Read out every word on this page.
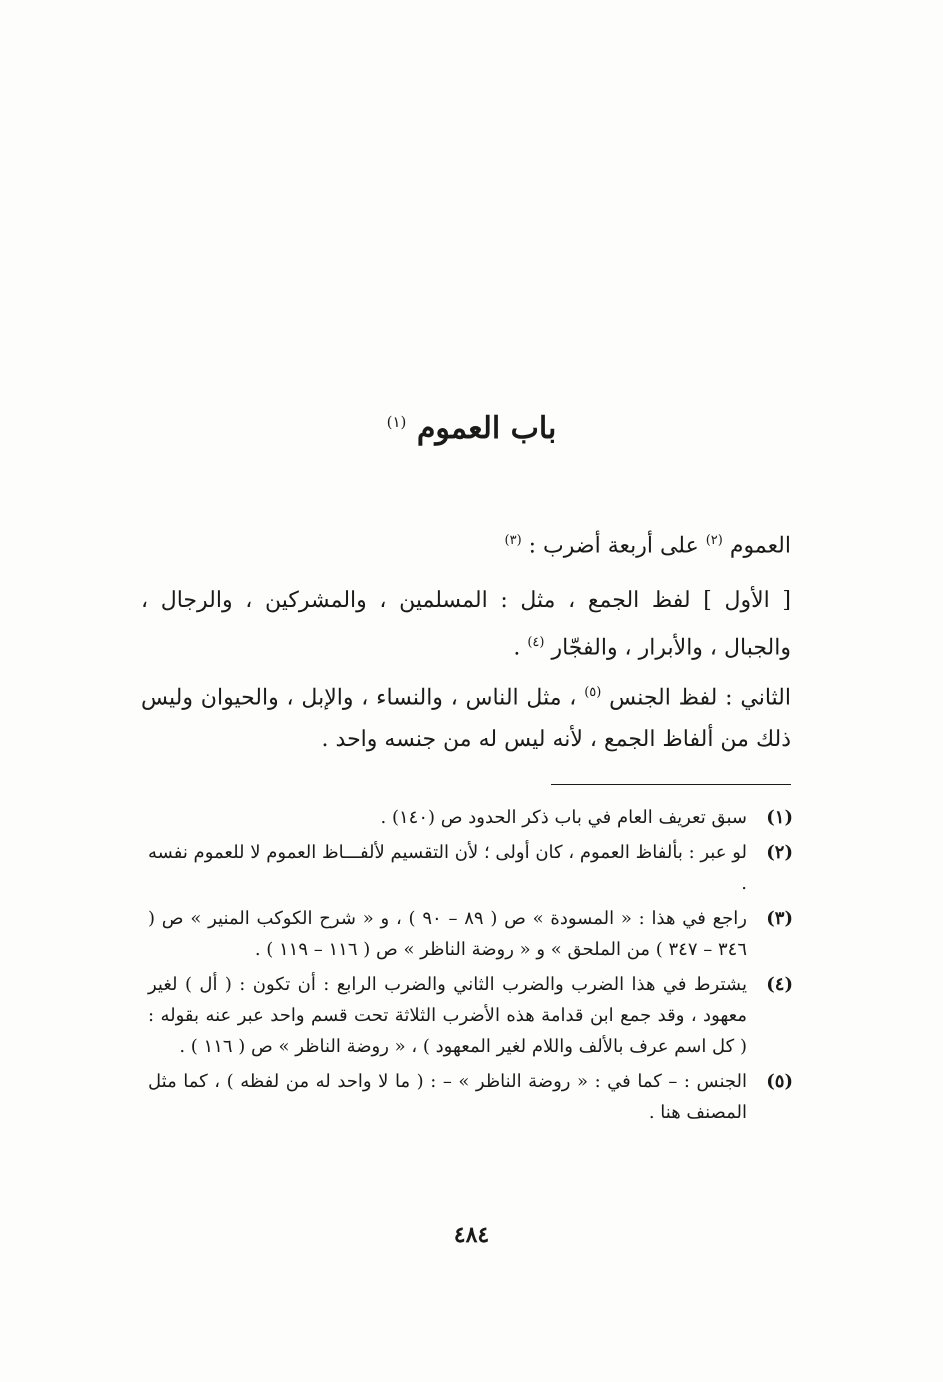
باب العموم $^{(١)}$
العموم $^{(٢)}$ على أربعة أضرب : $^{(٣)}$
[ الأول ] لفظ الجمع ، مثل : المسلمين ، والمشركين ، والرجال ، والجبال ، والأبرار ، والفجّار $^{(٤)}$ .
الثاني : لفظ الجنس $^{(٥)}$ ، مثل الناس ، والنساء ، والإبل ، والحيوان وليس ذلك من ألفاظ الجمع ، لأنه ليس له من جنسه واحد .
(١)
سبق تعريف العام في باب ذكر الحدود ص (١٤٠) .
(٢)
لو عبر : بألفاظ العموم ، كان أولى ؛ لأن التقسيم لألفـــاظ العموم لا للعموم نفسه .
(٣)
راجع في هذا : « المسودة » ص ( ٨٩ – ٩٠ ) ، و « شرح الكوكب المنير » ص ( ٣٤٦ – ٣٤٧ ) من الملحق » و « روضة الناظر » ص ( ١١٦ – ١١٩ ) .
(٤)
يشترط في هذا الضرب والضرب الثاني والضرب الرابع : أن تكون : ( أل ) لغير معهود ، وقد جمع ابن قدامة هذه الأضرب الثلاثة تحت قسم واحد عبر عنه بقوله : ( كل اسم عرف بالألف واللام لغير المعهود ) ، « روضة الناظر » ص ( ١١٦ ) .
(٥)
الجنس : – كما في : « روضة الناظر » – : ( ما لا واحد له من لفظه ) ، كما مثل المصنف هنا .
٤٨٤
